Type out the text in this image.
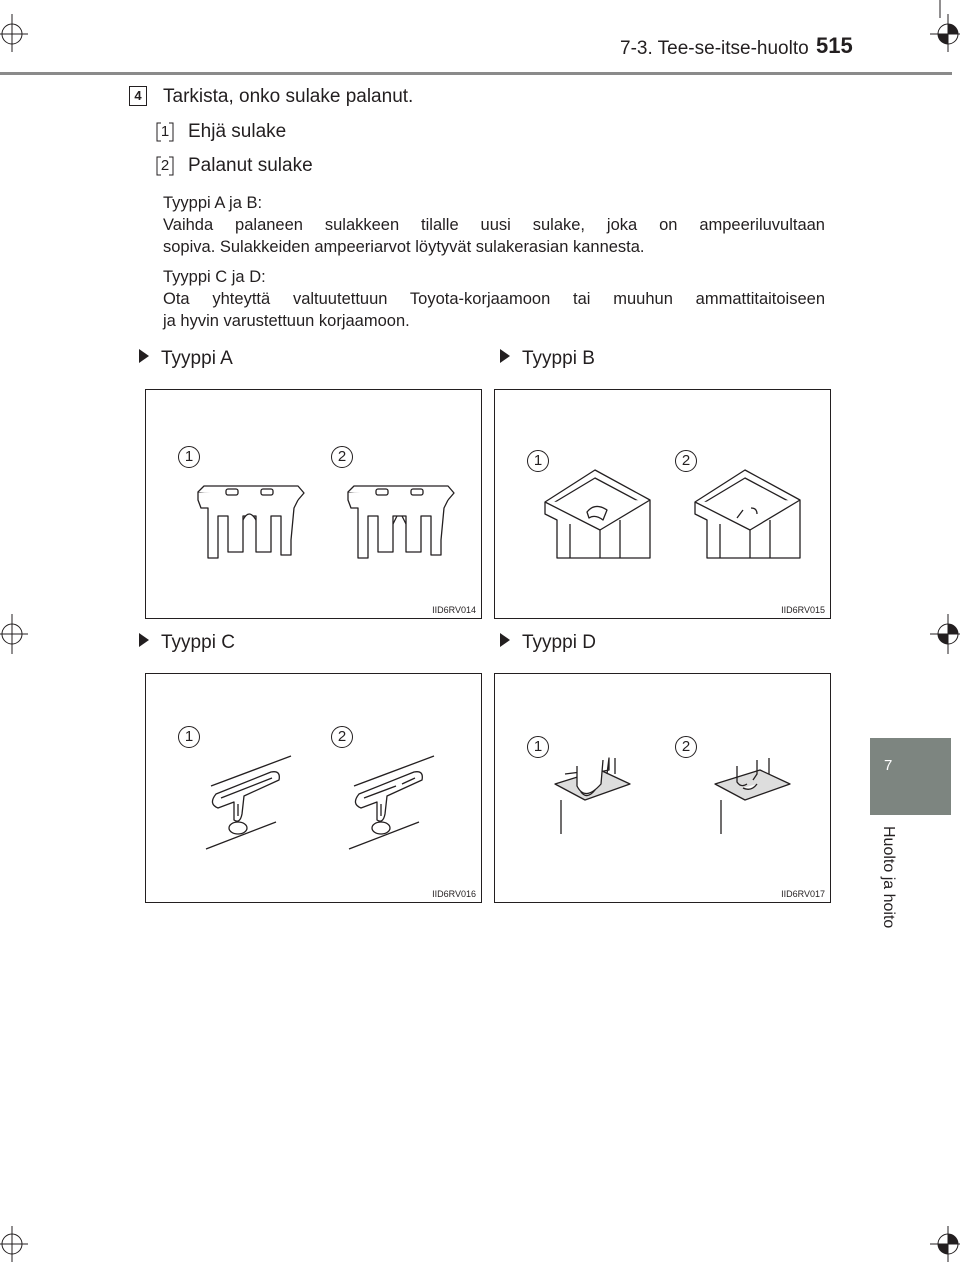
7-3. Tee-se-itse-huolto 515
7
Huolto ja hoito
4 Tarkista, onko sulake palanut.
1 Ehjä sulake
2 Palanut sulake
Tyyppi A ja B:
Vaihda palaneen sulakkeen tilalle uusi sulake, joka on ampeeriluvultaan
sopiva. Sulakkeiden ampeeriarvot löytyvät sulakerasian kannesta.
Tyyppi C ja D:
Ota yhteyttä valtuutettuun Toyota-korjaamoon tai muuhun ammattitaitoiseen
ja hyvin varustettuun korjaamoon.
Tyyppi A	Tyyppi B
Tyyppi C	Tyyppi D
1	2
IID6RV014
1	2
IID6RV015
1	2
IID6RV016
1	2
IID6RV017
